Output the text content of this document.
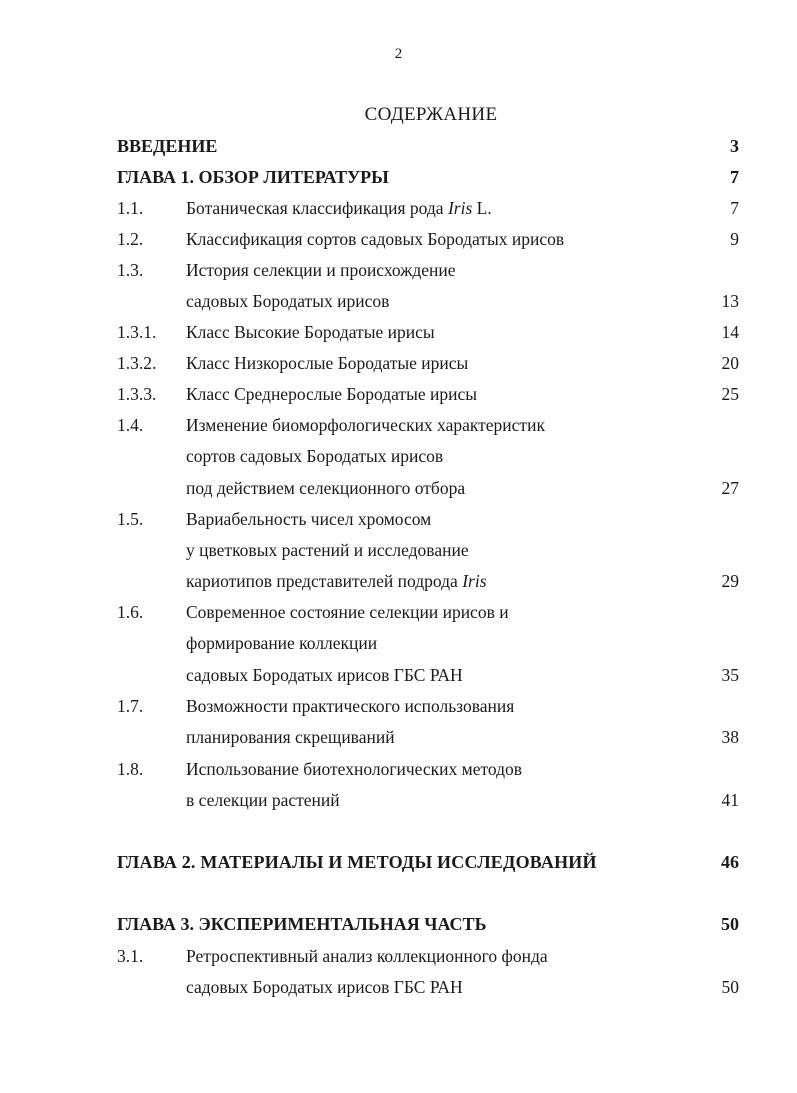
2
СОДЕРЖАНИЕ
ВВЕДЕНИЕ	3
ГЛАВА 1. ОБЗОР ЛИТЕРАТУРЫ	7
1.1. Ботаническая классификация рода Iris L.	7
1.2. Классификация сортов садовых Бородатых ирисов	9
1.3. История селекции и происхождение
садовых Бородатых ирисов	13
1.3.1. Класс Высокие Бородатые ирисы	14
1.3.2. Класс Низкорослые Бородатые ирисы	20
1.3.3. Класс Среднерослые Бородатые ирисы	25
1.4. Изменение биоморфологических характеристик
сортов садовых Бородатых ирисов
под действием селекционного отбора	27
1.5. Вариабельность чисел хромосом
у цветковых растений и исследование
кариотипов представителей подрода Iris	29
1.6. Современное состояние селекции ирисов и
формирование коллекции
садовых Бородатых ирисов ГБС РАН	35
1.7. Возможности практического использования
планирования скрещиваний	38
1.8. Использование биотехнологических методов
в селекции растений	41
ГЛАВА 2. МАТЕРИАЛЫ И МЕТОДЫ ИССЛЕДОВАНИЙ	46
ГЛАВА 3. ЭКСПЕРИМЕНТАЛЬНАЯ ЧАСТЬ	50
3.1. Ретроспективный анализ коллекционного фонда
садовых Бородатых ирисов ГБС РАН	50
